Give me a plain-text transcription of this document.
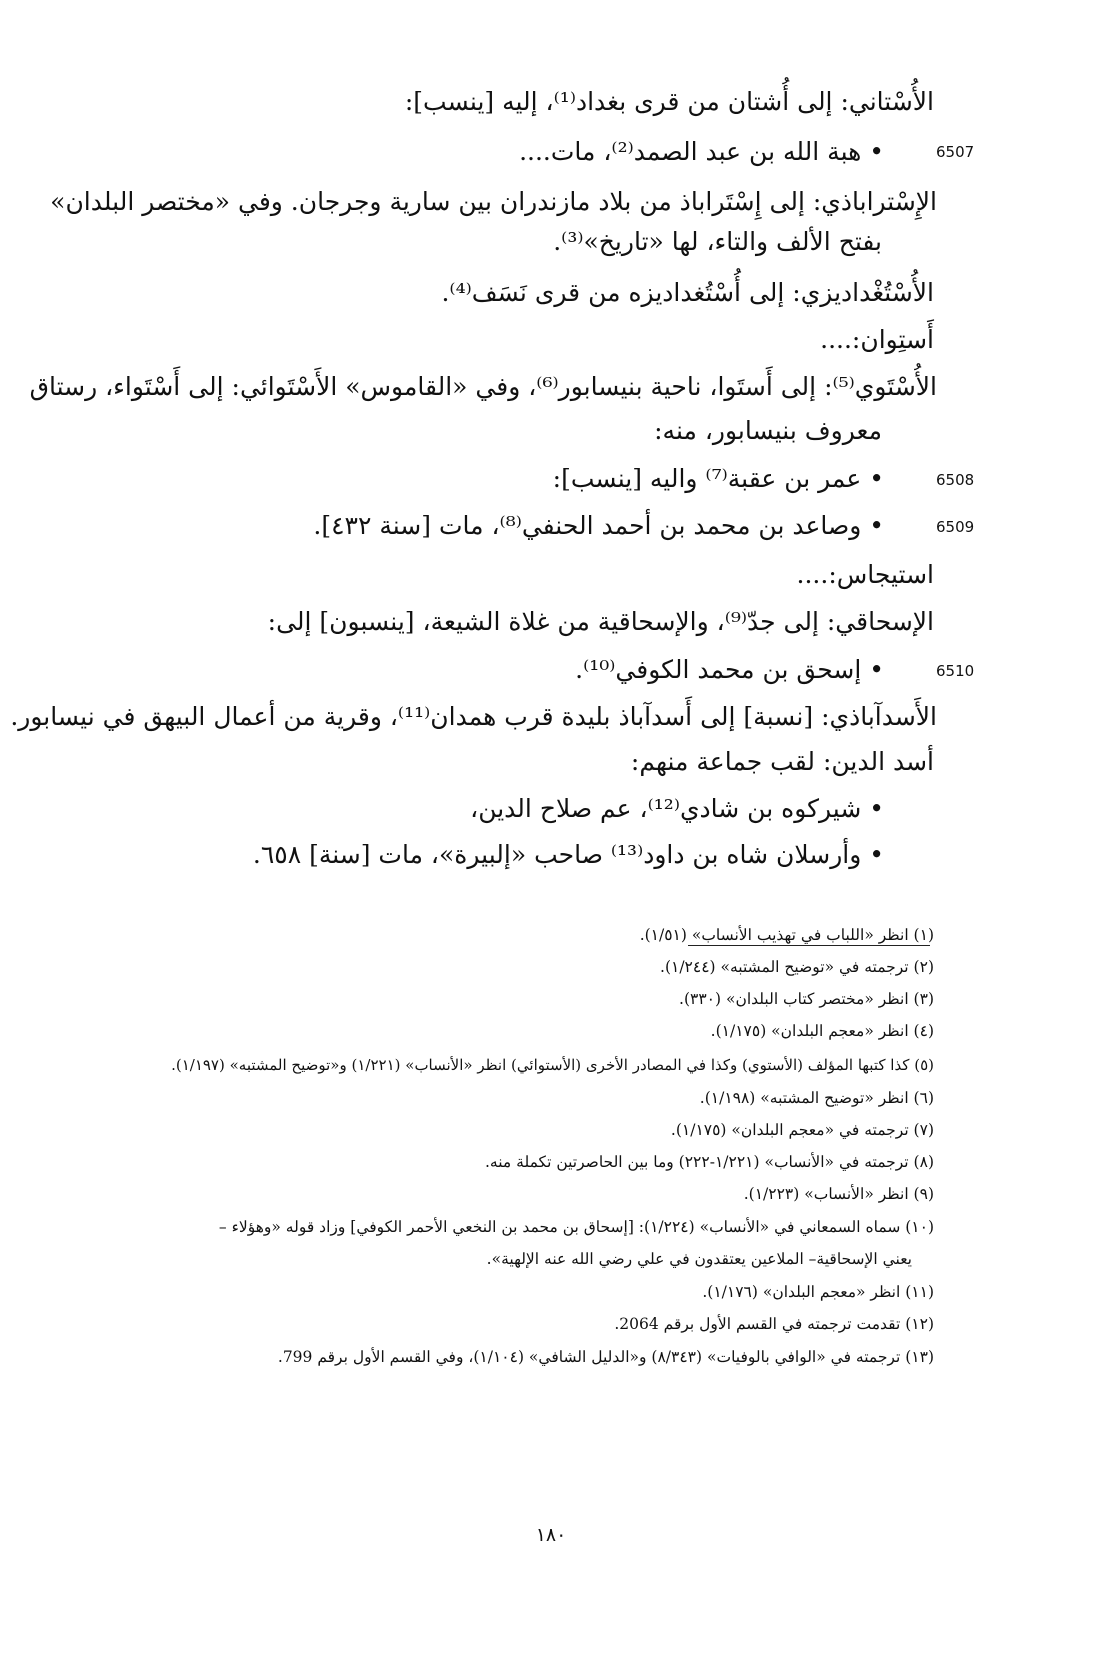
الأُسْتاني: إلى أُشتان من قرى بغداد⁽¹⁾، إليه [ينسب]:
6507
• هبة الله بن عبد الصمد⁽²⁾، مات....
الإِسْتراباذي: إلى إِسْتَراباذ من بلاد مازندران بين سارية وجرجان. وفي «مختصر البلدان»
بفتح الألف والتاء، لها «تاريخ»⁽³⁾.
الأُسْتُغْداديزي: إلى أُسْتُغداديزه من قرى نَسَف⁽⁴⁾.
أَستِوان:....
الأُسْتَوي⁽⁵⁾: إلى أَستَوا، ناحية بنيسابور⁽⁶⁾، وفي «القاموس» الأَسْتَوائي: إلى أَسْتَواء، رستاق
معروف بنيسابور، منه:
6508
• عمر بن عقبة⁽⁷⁾ واليه [ينسب]:
6509
• وصاعد بن محمد بن أحمد الحنفي⁽⁸⁾، مات [سنة ٤٣٢].
استيجاس:....
الإسحاقي: إلى جدّ⁽⁹⁾، والإسحاقية من غلاة الشيعة، [ينسبون] إلى:
6510
• إسحق بن محمد الكوفي⁽¹⁰⁾.
الأَسدآباذي: [نسبة] إلى أَسدآباذ بليدة قرب همدان⁽¹¹⁾، وقرية من أعمال البيهق في نيسابور.
أسد الدين: لقب جماعة منهم:
• شيركوه بن شادي⁽¹²⁾، عم صلاح الدين،
• وأرسلان شاه بن داود⁽¹³⁾ صاحب «إلبيرة»، مات [سنة] ٦٥٨.
(١) انظر «اللباب في تهذيب الأنساب» (١/٥١).
(٢) ترجمته في «توضيح المشتبه» (١/٢٤٤).
(٣) انظر «مختصر كتاب البلدان» (٣٣٠).
(٤) انظر «معجم البلدان» (١/١٧٥).
(٥) كذا كتبها المؤلف (الأستوي) وكذا في المصادر الأخرى (الأستوائي) انظر «الأنساب» (١/٢٢١) و«توضيح المشتبه» (١/١٩٧).
(٦) انظر «توضيح المشتبه» (١/١٩٨).
(٧) ترجمته في «معجم البلدان» (١/١٧٥).
(٨) ترجمته في «الأنساب» (١/٢٢١-٢٢٢) وما بين الحاصرتين تكملة منه.
(٩) انظر «الأنساب» (١/٢٢٣).
(١٠) سماه السمعاني في «الأنساب» (١/٢٢٤): [إسحاق بن محمد بن النخعي الأحمر الكوفي] وزاد قوله «وهؤلاء –
يعني الإسحاقية– الملاعين يعتقدون في علي رضي الله عنه الإلهية».
(١١) انظر «معجم البلدان» (١/١٧٦).
(١٢) تقدمت ترجمته في القسم الأول برقم 2064.
(١٣) ترجمته في «الوافي بالوفيات» (٨/٣٤٣) و«الدليل الشافي» (١/١٠٤)، وفي القسم الأول برقم 799.
١٨٠
